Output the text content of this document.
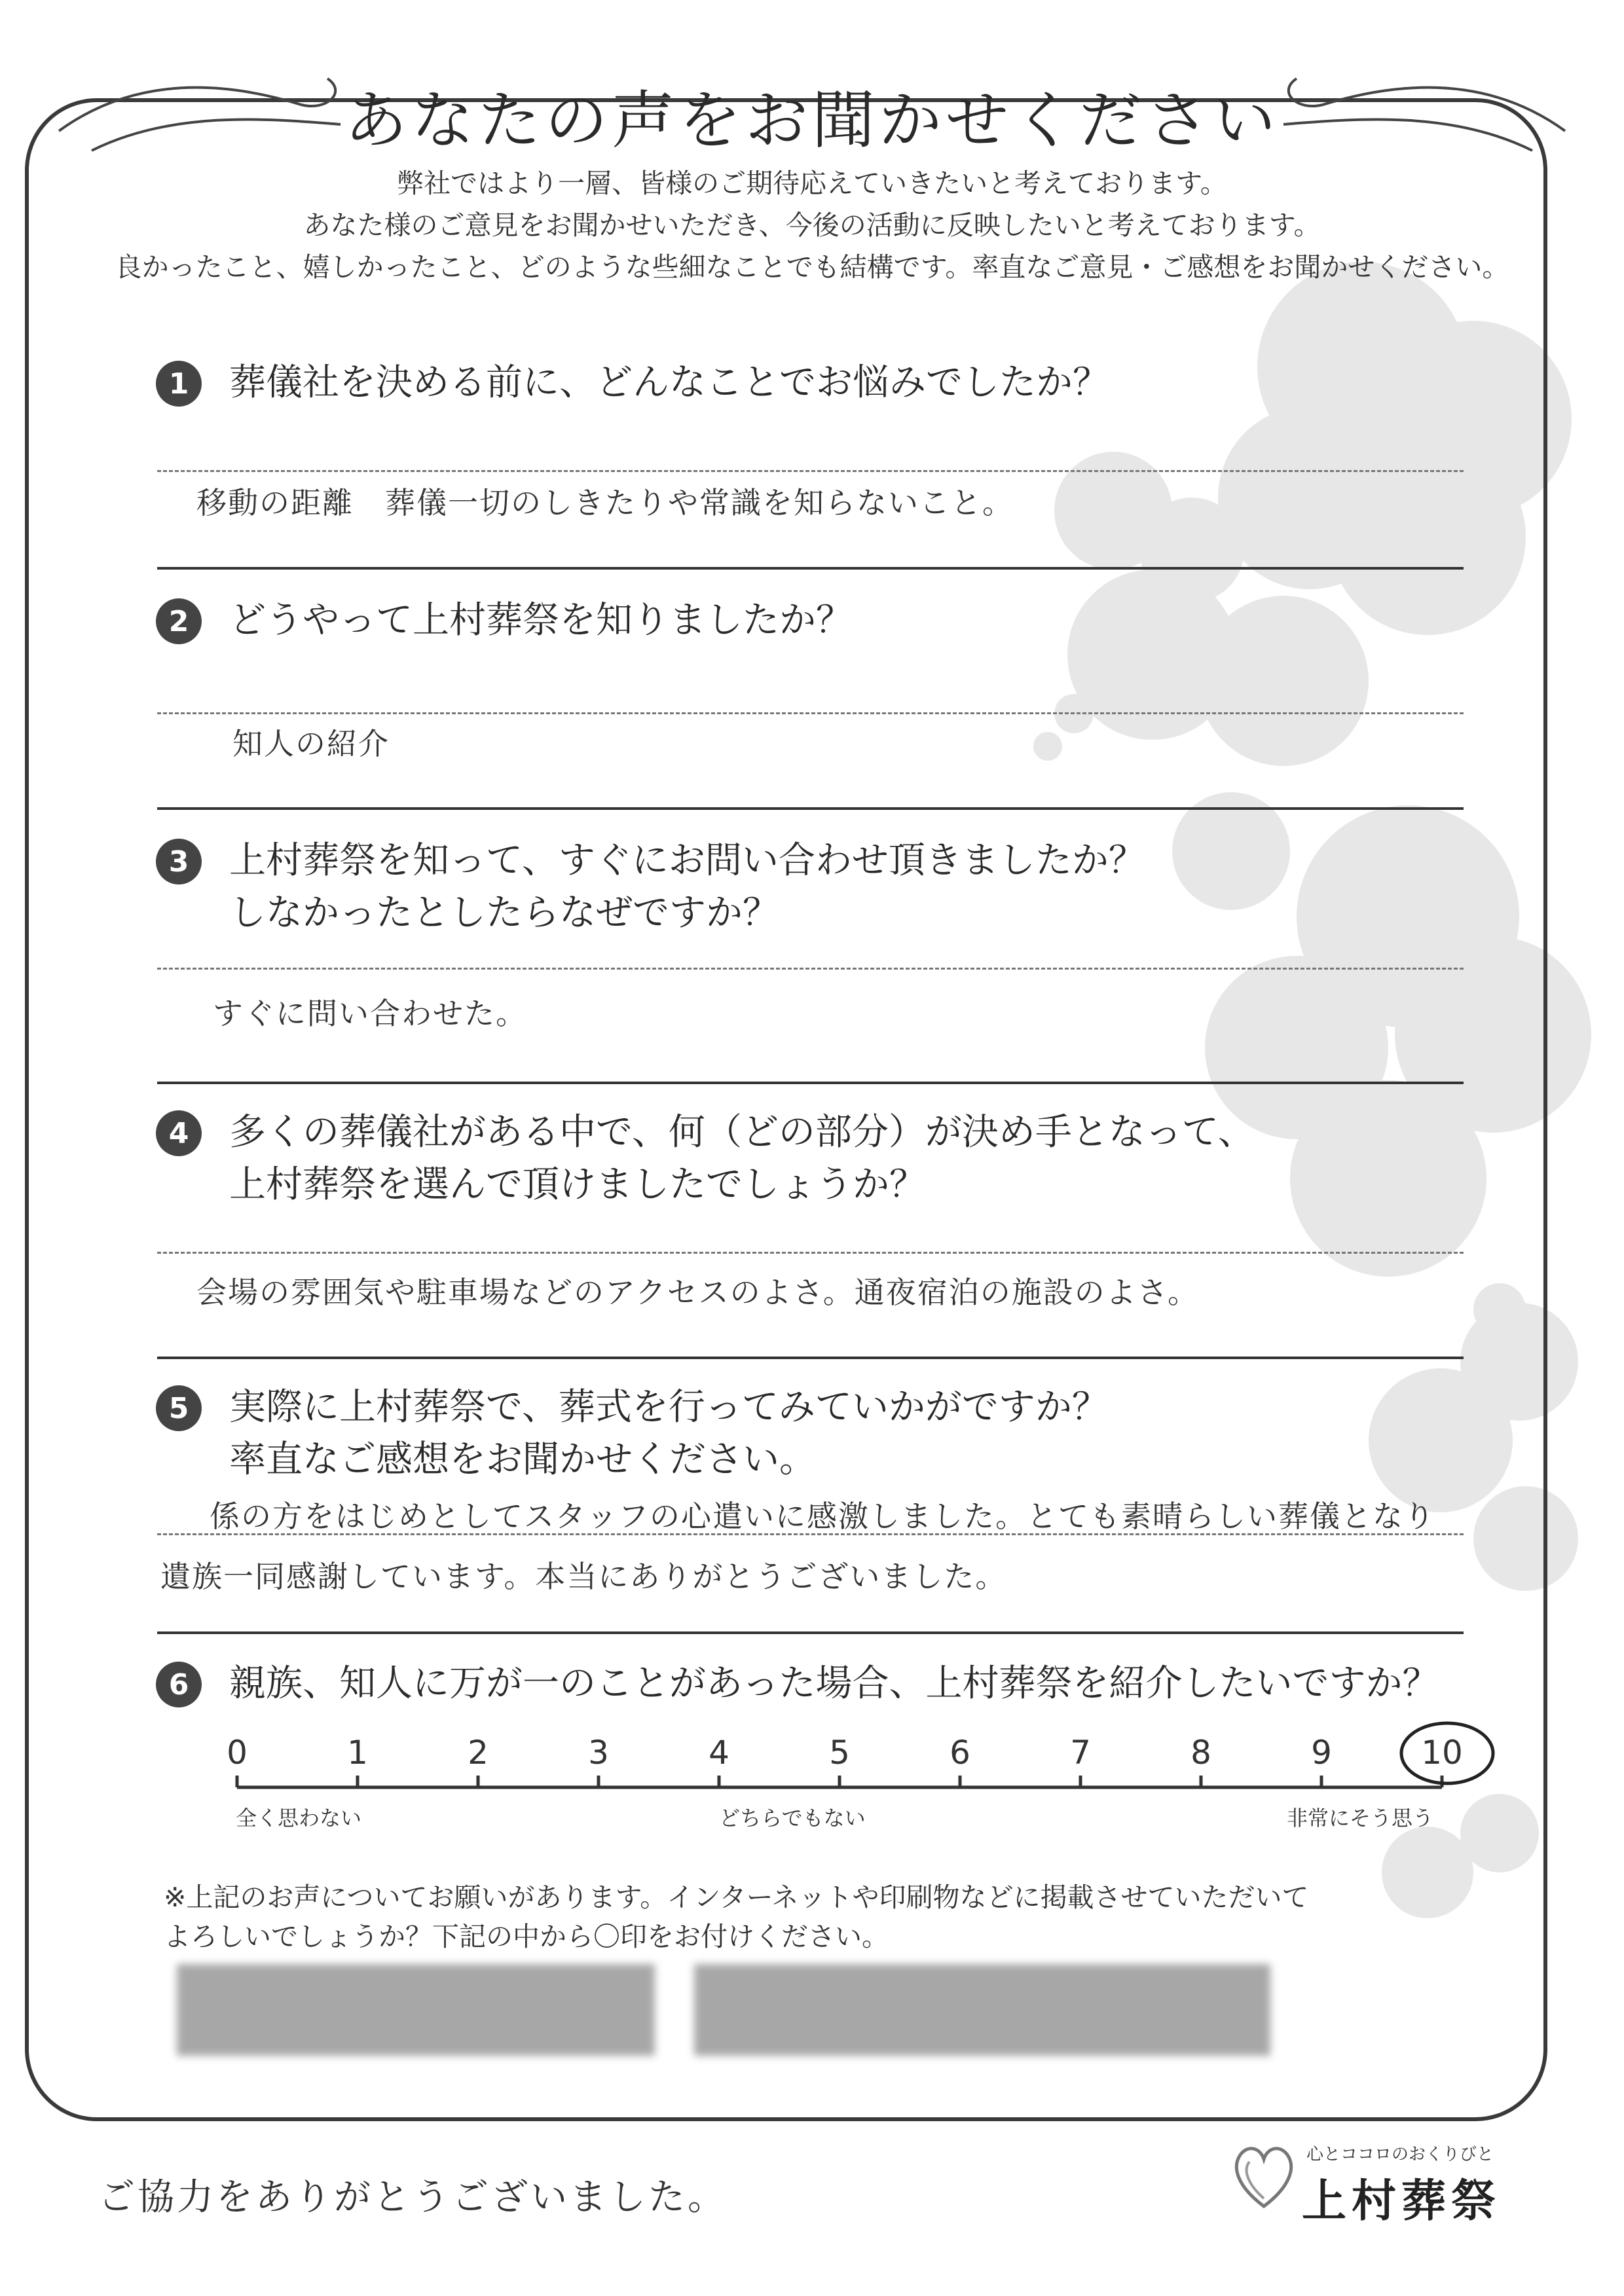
あなたの声をお聞かせください
弊社ではより一層、皆様のご期待応えていきたいと考えております。
あなた様のご意見をお聞かせいただき、今後の活動に反映したいと考えております。
良かったこと、嬉しかったこと、どのような些細なことでも結構です。率直なご意見・ご感想をお聞かせください。
1	葬儀社を決める前に、どんなことでお悩みでしたか？
移動の距離　葬儀一切のしきたりや常識を知らないこと。
2	どうやって上村葬祭を知りましたか？
知人の紹介
3	上村葬祭を知って、すぐにお問い合わせ頂きましたか？
しなかったとしたらなぜですか？
すぐに問い合わせた。
4	多くの葬儀社がある中で、何（どの部分）が決め手となって、
上村葬祭を選んで頂けましたでしょうか？
会場の雰囲気や駐車場などのアクセスのよさ。通夜宿泊の施設のよさ。
5	実際に上村葬祭で、葬式を行ってみていかがですか？
率直なご感想をお聞かせください。
係の方をはじめとしてスタッフの心遣いに感激しました。とても素晴らしい葬儀となり
遺族一同感謝しています。本当にありがとうございました。
6	親族、知人に万が一のことがあった場合、上村葬祭を紹介したいですか？
0	1	2	3	4	5	6	7	8	9	10
全く思わない	どちらでもない	非常にそう思う
※上記のお声についてお願いがあります。インターネットや印刷物などに掲載させていただいて
よろしいでしょうか？下記の中から〇印をお付けください。
ご協力をありがとうございました。
心とココロのおくりびと
上村葬祭
